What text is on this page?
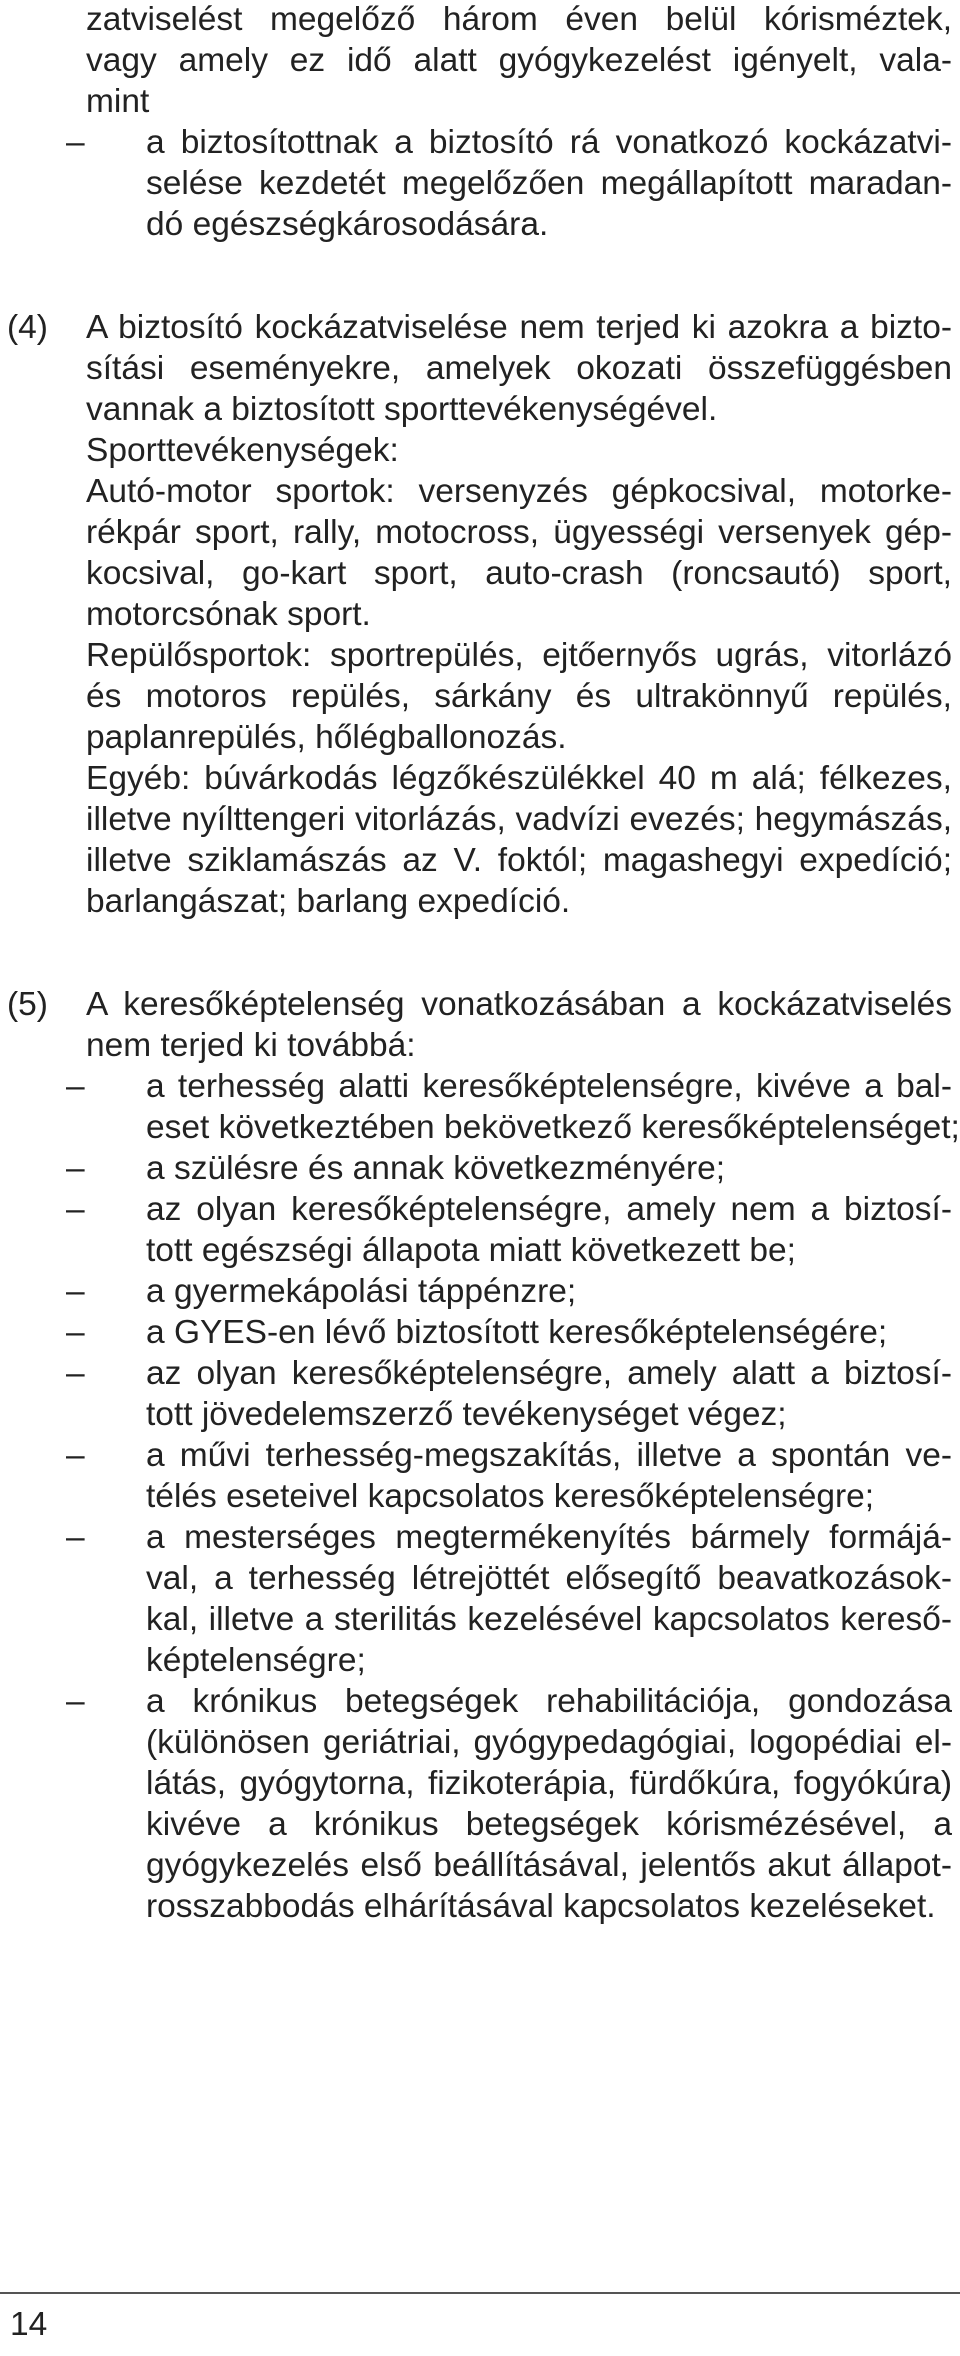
zatviselést megelőző három éven belül kórisméztek,
vagy amely ez idő alatt gyógykezelést igényelt, vala-
mint
– a biztosítottnak a biztosító rá vonatkozó kockázatvi-
selése kezdetét megelőzően megállapított maradan-
dó egészségkárosodására.
(4) A biztosító kockázatviselése nem terjed ki azokra a bizto-
sítási eseményekre, amelyek okozati összefüggésben
vannak a biztosított sporttevékenységével.
Sporttevékenységek:
Autó-motor sportok: versenyzés gépkocsival, motorke-
rékpár sport, rally, motocross, ügyességi versenyek gép-
kocsival, go-kart sport, auto-crash (roncsautó) sport,
motorcsónak sport.
Repülősportok: sportrepülés, ejtőernyős ugrás, vitorlázó
és motoros repülés, sárkány és ultrakönnyű repülés,
paplanrepülés, hőlégballonozás.
Egyéb: búvárkodás légzőkészülékkel 40 m alá; félkezes,
illetve nyílttengeri vitorlázás, vadvízi evezés; hegymászás,
illetve sziklamászás az V. foktól; magashegyi expedíció;
barlangászat; barlang expedíció.
(5) A keresőképtelenség vonatkozásában a kockázatviselés
nem terjed ki továbbá:
– a terhesség alatti keresőképtelenségre, kivéve a bal-
eset következtében bekövetkező keresőképtelenséget;
– a szülésre és annak következményére;
– az olyan keresőképtelenségre, amely nem a biztosí-
tott egészségi állapota miatt következett be;
– a gyermekápolási táppénzre;
– a GYES-en lévő biztosított keresőképtelenségére;
– az olyan keresőképtelenségre, amely alatt a biztosí-
tott jövedelemszerző tevékenységet végez;
– a művi terhesség-megszakítás, illetve a spontán ve-
télés eseteivel kapcsolatos keresőképtelenségre;
– a mesterséges megtermékenyítés bármely formájá-
val, a terhesség létrejöttét elősegítő beavatkozások-
kal, illetve a sterilitás kezelésével kapcsolatos kereső-
képtelenségre;
– a krónikus betegségek rehabilitációja, gondozása
(különösen geriátriai, gyógypedagógiai, logopédiai el-
látás, gyógytorna, fizikoterápia, fürdőkúra, fogyókúra)
kivéve a krónikus betegségek kórismézésével, a
gyógykezelés első beállításával, jelentős akut állapot-
rosszabbodás elhárításával kapcsolatos kezeléseket.
14
